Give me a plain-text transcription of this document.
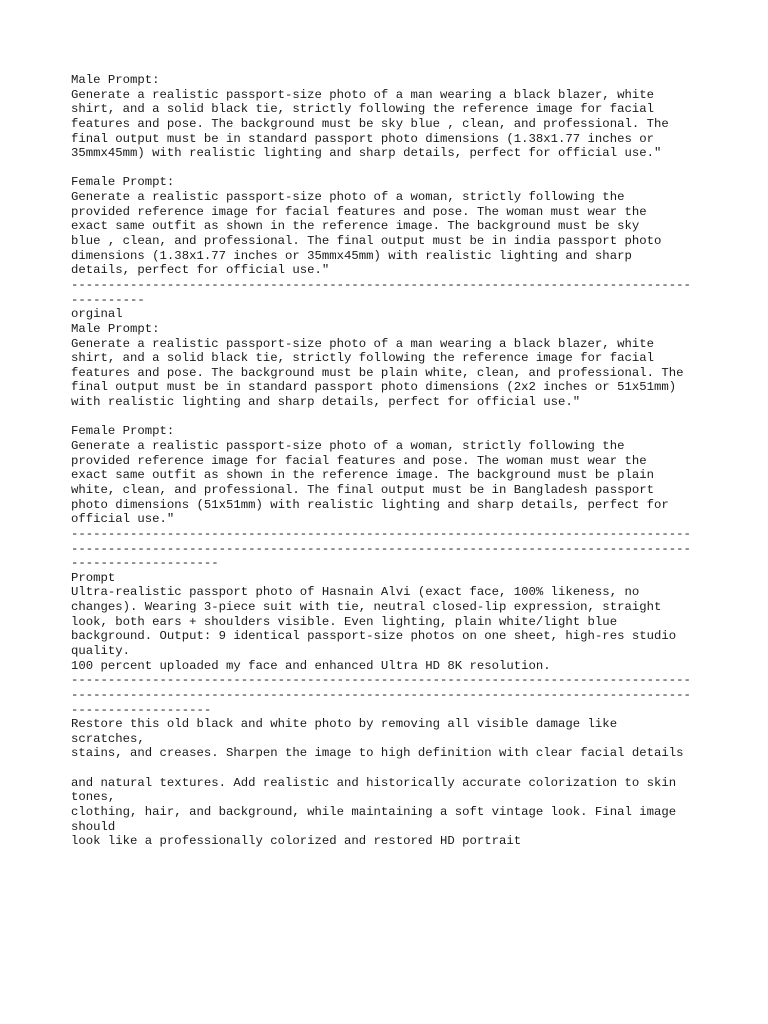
Male Prompt:
Generate a realistic passport-size photo of a man wearing a black blazer, white
shirt, and a solid black tie, strictly following the reference image for facial
features and pose. The background must be sky blue , clean, and professional. The
final output must be in standard passport photo dimensions (1.38x1.77 inches or
35mmx45mm) with realistic lighting and sharp details, perfect for official use."
Female Prompt:
Generate a realistic passport-size photo of a woman, strictly following the
provided reference image for facial features and pose. The woman must wear the
exact same outfit as shown in the reference image. The background must be sky
blue , clean, and professional. The final output must be in india passport photo
dimensions (1.38x1.77 inches or 35mmx45mm) with realistic lighting and sharp
details, perfect for official use."
------------------------------------------------------------------------------------
----------
orginal
Male Prompt:
Generate a realistic passport-size photo of a man wearing a black blazer, white
shirt, and a solid black tie, strictly following the reference image for facial
features and pose. The background must be plain white, clean, and professional. The
final output must be in standard passport photo dimensions (2x2 inches or 51x51mm)
with realistic lighting and sharp details, perfect for official use."
Female Prompt:
Generate a realistic passport-size photo of a woman, strictly following the
provided reference image for facial features and pose. The woman must wear the
exact same outfit as shown in the reference image. The background must be plain
white, clean, and professional. The final output must be in Bangladesh passport
photo dimensions (51x51mm) with realistic lighting and sharp details, perfect for
official use."
------------------------------------------------------------------------------------
------------------------------------------------------------------------------------
--------------------
Prompt
Ultra-realistic passport photo of Hasnain Alvi (exact face, 100% likeness, no
changes). Wearing 3-piece suit with tie, neutral closed-lip expression, straight
look, both ears + shoulders visible. Even lighting, plain white/light blue
background. Output: 9 identical passport-size photos on one sheet, high-res studio
quality.
100 percent uploaded my face and enhanced Ultra HD 8K resolution.
------------------------------------------------------------------------------------
------------------------------------------------------------------------------------
-------------------
Restore this old black and white photo by removing all visible damage like
scratches,
stains, and creases. Sharpen the image to high definition with clear facial details
and natural textures. Add realistic and historically accurate colorization to skin
tones,
clothing, hair, and background, while maintaining a soft vintage look. Final image
should
look like a professionally colorized and restored HD portrait
